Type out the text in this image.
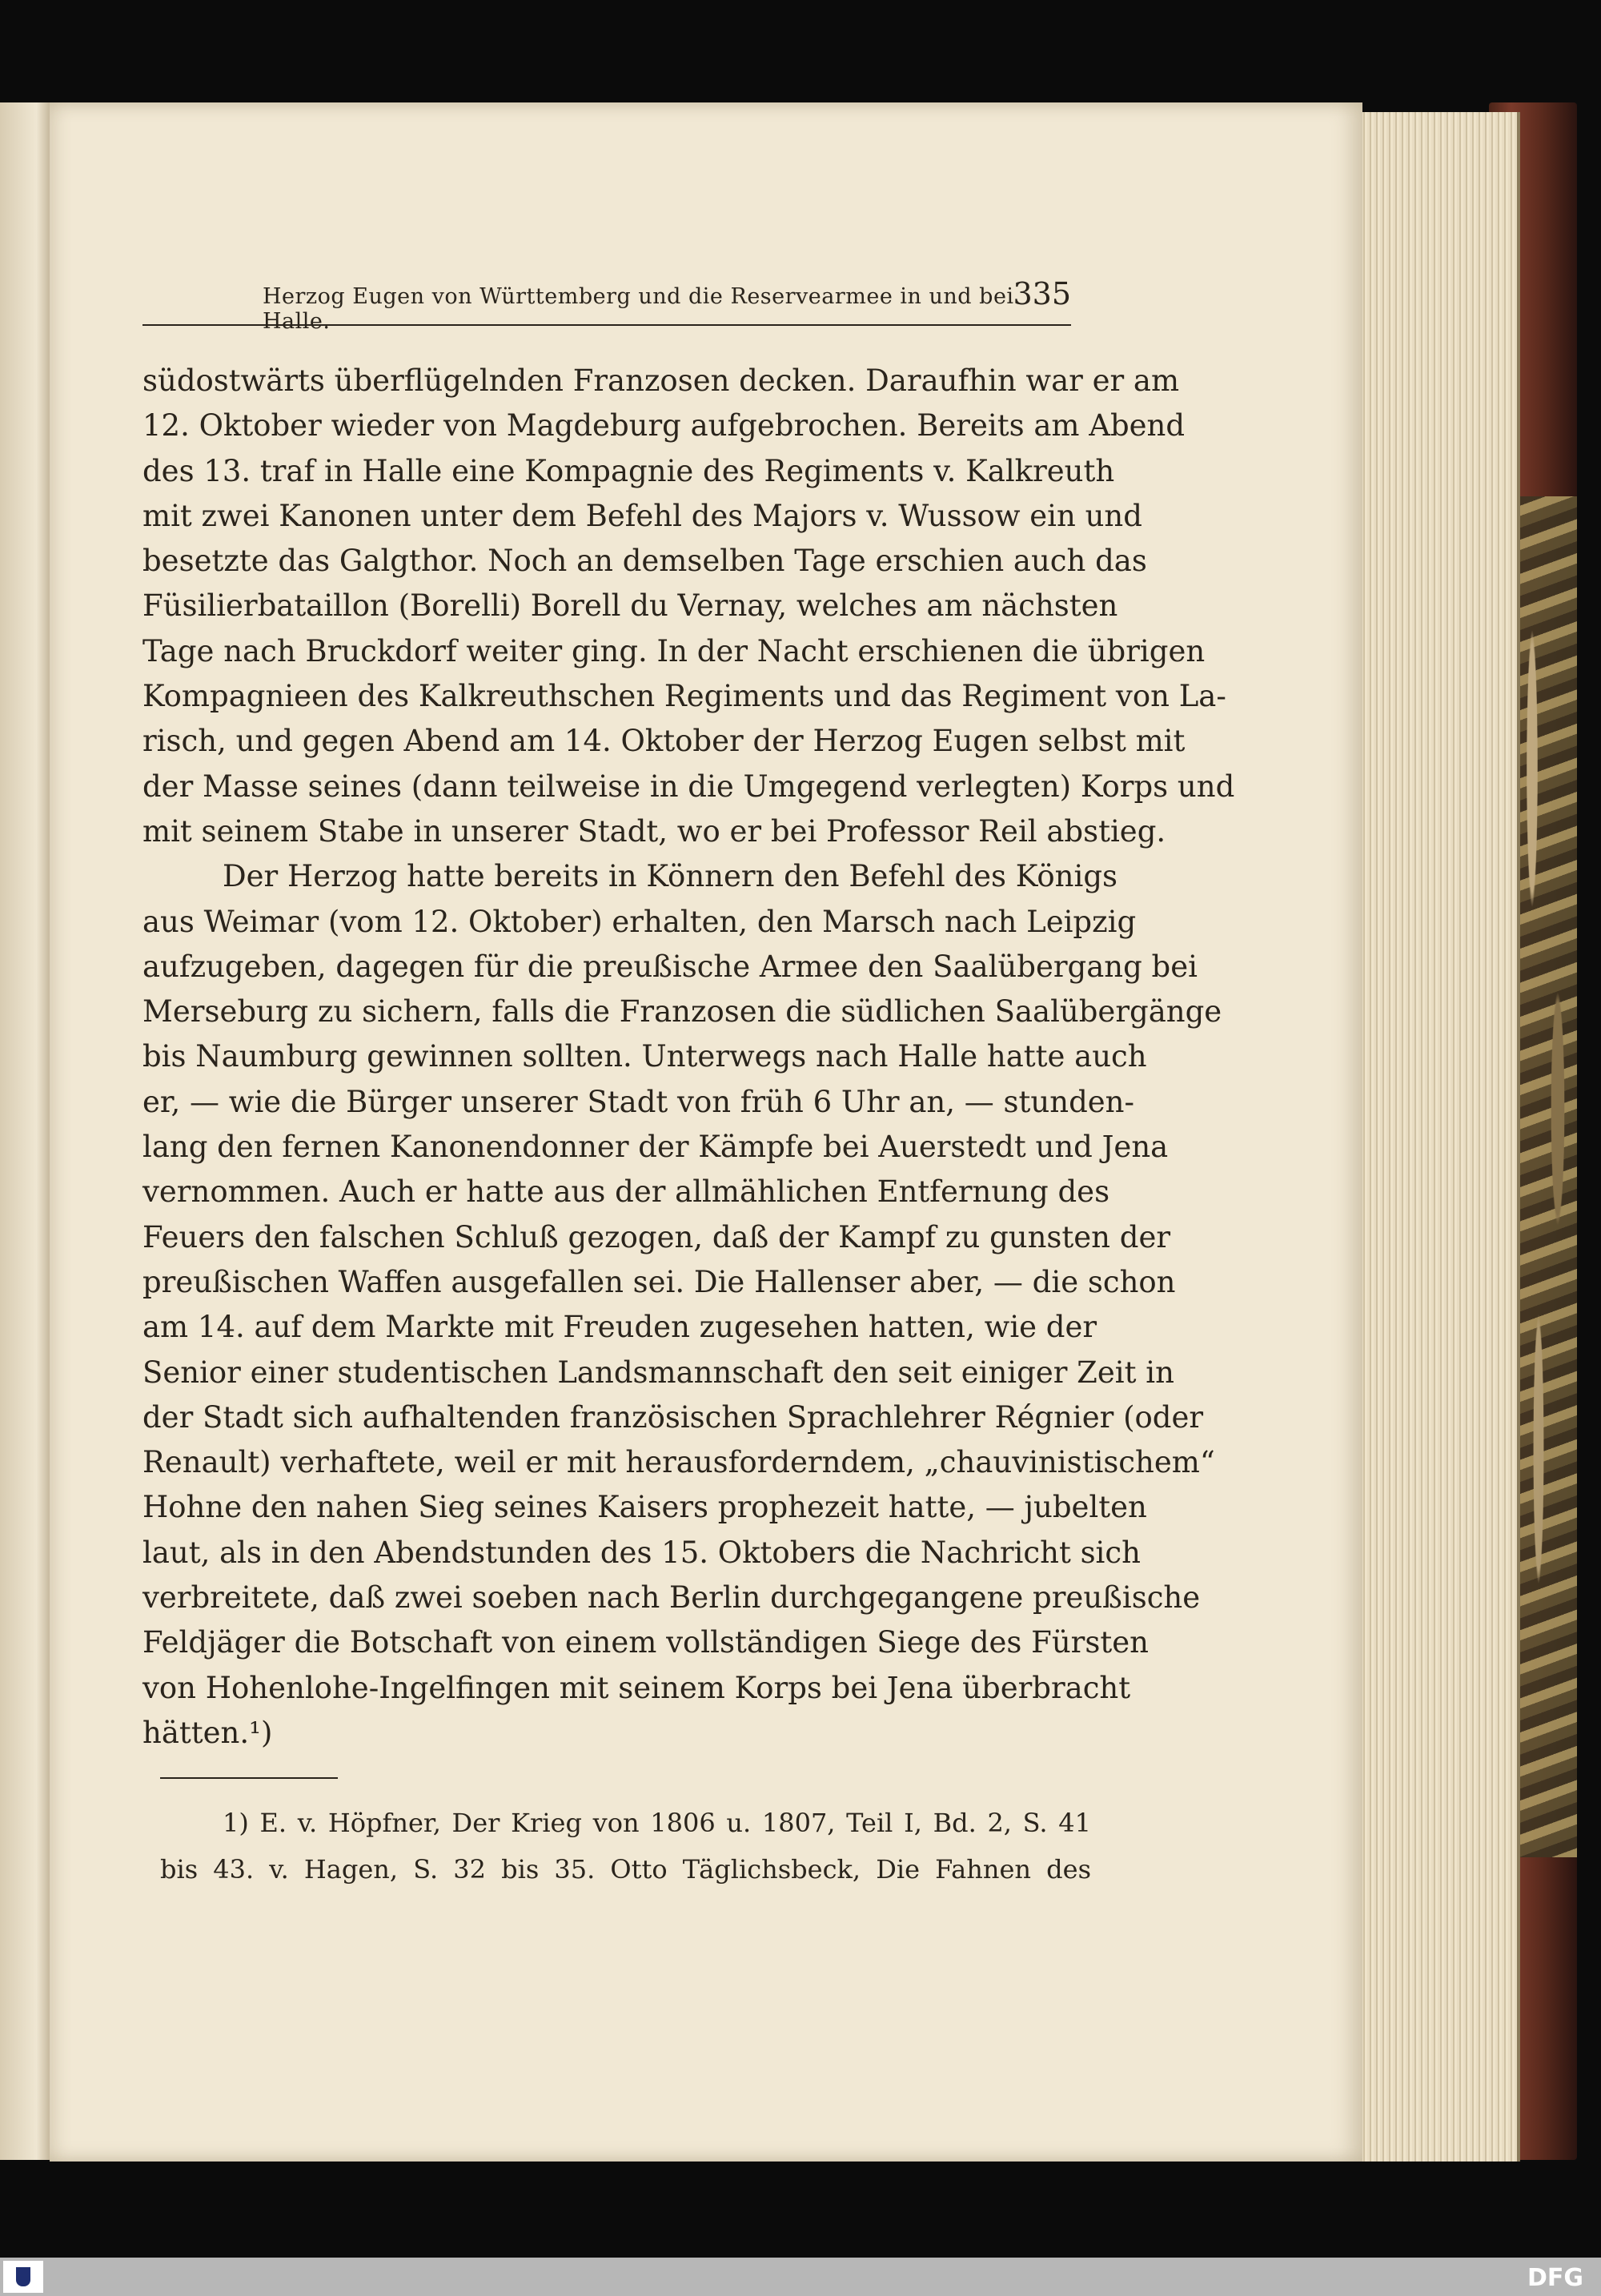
Herzog Eugen von Württemberg und die Reservearmee in und bei Halle.
335
südostwärts überflügelnden Franzosen decken. Daraufhin war er am
12. Oktober wieder von Magdeburg aufgebrochen. Bereits am Abend
des 13. traf in Halle eine Kompagnie des Regiments v. Kalkreuth
mit zwei Kanonen unter dem Befehl des Majors v. Wussow ein und
besetzte das Galgthor. Noch an demselben Tage erschien auch das
Füsilierbataillon (Borelli) Borell du Vernay, welches am nächsten
Tage nach Bruckdorf weiter ging. In der Nacht erschienen die übrigen
Kompagnieen des Kalkreuthschen Regiments und das Regiment von La-
risch, und gegen Abend am 14. Oktober der Herzog Eugen selbst mit
der Masse seines (dann teilweise in die Umgegend verlegten) Korps und
mit seinem Stabe in unserer Stadt, wo er bei Professor Reil abstieg.
Der Herzog hatte bereits in Könnern den Befehl des Königs
aus Weimar (vom 12. Oktober) erhalten, den Marsch nach Leipzig
aufzugeben, dagegen für die preußische Armee den Saalübergang bei
Merseburg zu sichern, falls die Franzosen die südlichen Saalübergänge
bis Naumburg gewinnen sollten. Unterwegs nach Halle hatte auch
er, — wie die Bürger unserer Stadt von früh 6 Uhr an, — stunden-
lang den fernen Kanonendonner der Kämpfe bei Auerstedt und Jena
vernommen. Auch er hatte aus der allmählichen Entfernung des
Feuers den falschen Schluß gezogen, daß der Kampf zu gunsten der
preußischen Waffen ausgefallen sei. Die Hallenser aber, — die schon
am 14. auf dem Markte mit Freuden zugesehen hatten, wie der
Senior einer studentischen Landsmannschaft den seit einiger Zeit in
der Stadt sich aufhaltenden französischen Sprachlehrer Régnier (oder
Renault) verhaftete, weil er mit herausforderndem, „chauvinistischem“
Hohne den nahen Sieg seines Kaisers prophezeit hatte, — jubelten
laut, als in den Abendstunden des 15. Oktobers die Nachricht sich
verbreitete, daß zwei soeben nach Berlin durchgegangene preußische
Feldjäger die Botschaft von einem vollständigen Siege des Fürsten
von Hohenlohe-Ingelfingen mit seinem Korps bei Jena überbracht
hätten.¹)
1) E. v. Höpfner, Der Krieg von 1806 u. 1807, Teil I, Bd. 2, S. 41
bis 43. v. Hagen, S. 32 bis 35. Otto Täglichsbeck, Die Fahnen des
DFG
